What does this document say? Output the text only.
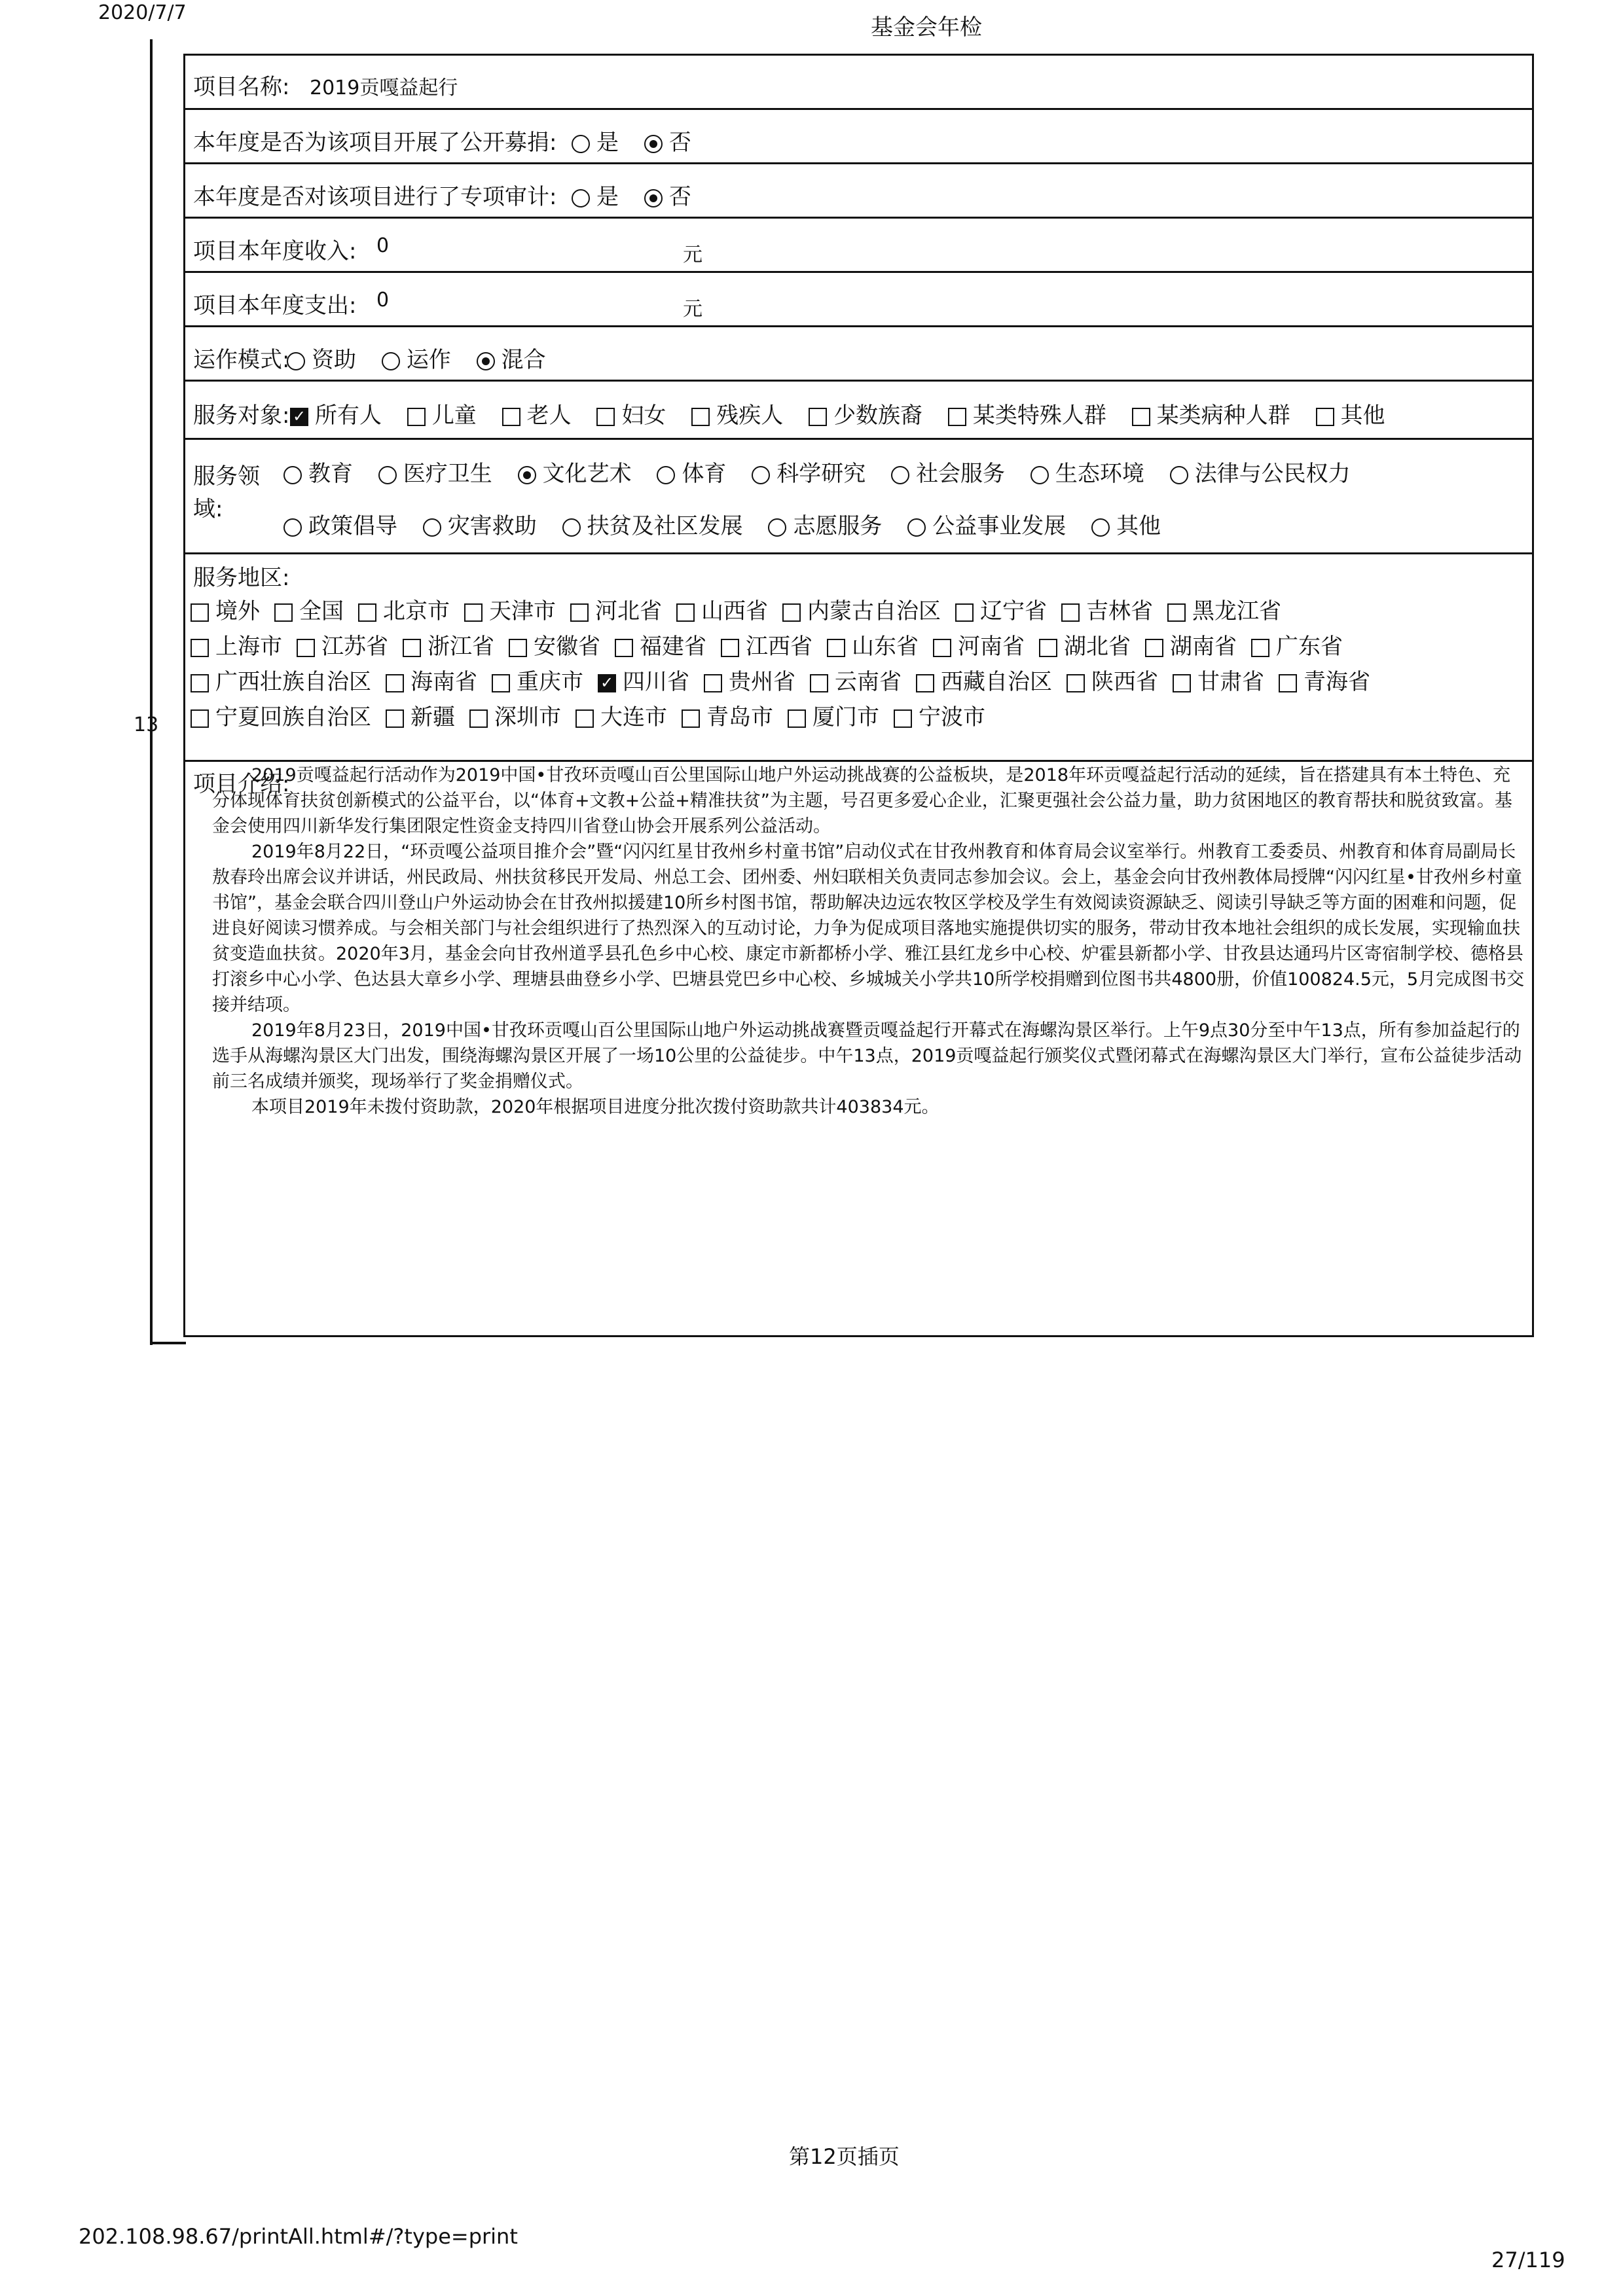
2020/7/7
基金会年检
13
项目名称: 2019贡嘎益起行
本年度是否为该项目开展了公开募捐:	是 否
本年度是否对该项目进行了专项审计:	是 否
项目本年度收入: 0	元
项目本年度支出: 0	元
运作模式: 资助 运作 混合
服务对象: ✓ 所有人 儿童 老人 妇女 残疾人 少数族裔 某类特殊人群 某类病种人群 其他
服务领
域:
教育 医疗卫生 文化艺术 体育 科学研究 社会服务 生态环境 法律与公民权力
政策倡导 灾害救助 扶贫及社区发展 志愿服务 公益事业发展 其他
服务地区:
境外 全国 北京市 天津市 河北省 山西省 内蒙古自治区 辽宁省 吉林省 黑龙江省
上海市 江苏省 浙江省 安徽省 福建省 江西省 山东省 河南省 湖北省 湖南省 广东省
广西壮族自治区 海南省 重庆市 ✓ 四川省 贵州省 云南省 西藏自治区 陕西省 甘肃省 青海省
宁夏回族自治区 新疆 深圳市 大连市 青岛市 厦门市 宁波市
项目介绍:

2019贡嘎益起行活动作为2019中国•甘孜环贡嘎山百公里国际山地户外运动挑战赛的公益板块，是2018年环贡嘎益起行活动的延续，旨在搭建具有本土特色、充分体现体育扶贫创新模式的公益平台，以“体育+文教+公益+精准扶贫”为主题，号召更多爱心企业，汇聚更强社会公益力量，助力贫困地区的教育帮扶和脱贫致富。基金会使用四川新华发行集团限定性资金支持四川省登山协会开展系列公益活动。

2019年8月22日，“环贡嘎公益项目推介会”暨“闪闪红星甘孜州乡村童书馆”启动仪式在甘孜州教育和体育局会议室举行。州教育工委委员、州教育和体育局副局长敖春玲出席会议并讲话，州民政局、州扶贫移民开发局、州总工会、团州委、州妇联相关负责同志参加会议。会上，基金会向甘孜州教体局授牌“闪闪红星•甘孜州乡村童书馆”，基金会联合四川登山户外运动协会在甘孜州拟援建10所乡村图书馆，帮助解决边远农牧区学校及学生有效阅读资源缺乏、阅读引导缺乏等方面的困难和问题，促进良好阅读习惯养成。与会相关部门与社会组织进行了热烈深入的互动讨论，力争为促成项目落地实施提供切实的服务，带动甘孜本地社会组织的成长发展，实现输血扶贫变造血扶贫。2020年3月，基金会向甘孜州道孚县孔色乡中心校、康定市新都桥小学、雅江县红龙乡中心校、炉霍县新都小学、甘孜县达通玛片区寄宿制学校、德格县打滚乡中心小学、色达县大章乡小学、理塘县曲登乡小学、巴塘县党巴乡中心校、乡城城关小学共10所学校捐赠到位图书共4800册，价值100824.5元，5月完成图书交接并结项。

2019年8月23日，2019中国•甘孜环贡嘎山百公里国际山地户外运动挑战赛暨贡嘎益起行开幕式在海螺沟景区举行。上午9点30分至中午13点，所有参加益起行的选手从海螺沟景区大门出发，围绕海螺沟景区开展了一场10公里的公益徒步。中午13点，2019贡嘎益起行颁奖仪式暨闭幕式在海螺沟景区大门举行，宣布公益徒步活动前三名成绩并颁奖，现场举行了奖金捐赠仪式。

本项目2019年未拨付资助款，2020年根据项目进度分批次拨付资助款共计403834元。

第12页插页
202.108.98.67/printAll.html#/?type=print
27/119
